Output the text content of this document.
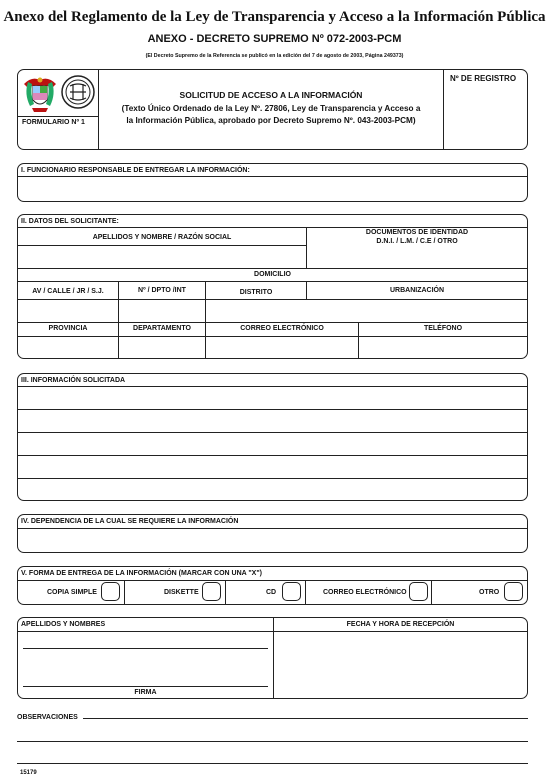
Anexo del Reglamento de la Ley de Transparencia y Acceso a la Información Pública
ANEXO - DECRETO SUPREMO Nº 072-2003-PCM
(El Decreto Supremo de la Referencia se publicó en la edición del 7 de agosto de 2003, Página 249373)
FORMULARIO Nº 1
SOLICITUD DE ACCESO A LA INFORMACIÓN
(Texto Único Ordenado de la Ley Nº. 27806, Ley de Transparencia y Acceso a
la Información Pública, aprobado por Decreto Supremo Nº. 043-2003-PCM)
Nº DE REGISTRO
I. FUNCIONARIO RESPONSABLE DE ENTREGAR LA INFORMACIÓN:
II. DATOS DEL SOLICITANTE:
APELLIDOS Y NOMBRE / RAZÓN SOCIAL
DOCUMENTOS DE IDENTIDAD
D.N.I. / L.M. / C.E / OTRO
DOMICILIO
AV / CALLE / JR / S.J.	Nº / DPTO /INT	DISTRITO	URBANIZACIÓN
PROVINCIA	DEPARTAMENTO	CORREO ELECTRÓNICO	TELÉFONO
III. INFORMACIÓN SOLICITADA
IV. DEPENDENCIA DE LA CUAL SE REQUIERE LA INFORMACIÓN
V. FORMA DE ENTREGA DE LA INFORMACIÓN (MARCAR CON UNA "X")
COPIA SIMPLE	DISKETTE	CD	CORREO ELECTRÓNICO	OTRO
APELLIDOS Y NOMBRES	FECHA Y HORA DE RECEPCIÓN
FIRMA
OBSERVACIONES
15179
